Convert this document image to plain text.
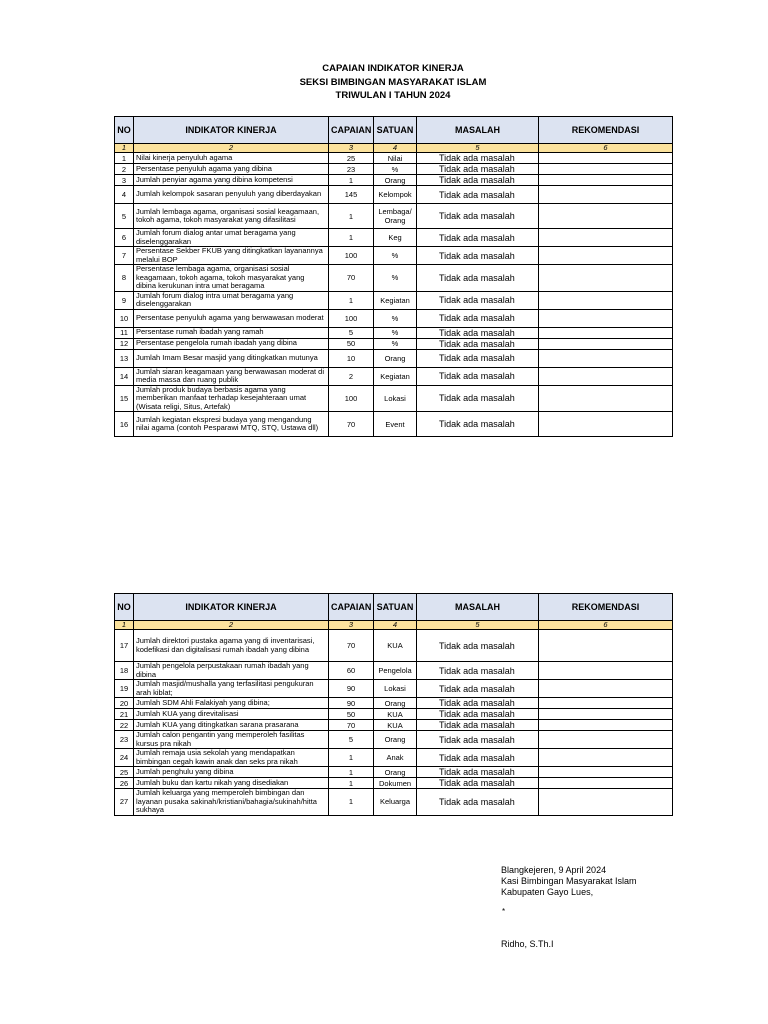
CAPAIAN INDIKATOR KINERJA
SEKSI BIMBINGAN MASYARAKAT ISLAM
TRIWULAN I TAHUN 2024
NO	INDIKATOR KINERJA	CAPAIAN	SATUAN	MASALAH	REKOMENDASI
1	2	3	4	5	6
1	Nilai kinerja penyuluh agama	25	Nilai	Tidak ada masalah	
2	Persentase penyuluh agama yang dibina	23	%	Tidak ada masalah	
3	Jumlah penyiar agama yang dibina kompetensi	1	Orang	Tidak ada masalah	
4	Jumlah kelompok sasaran penyuluh yang diberdayakan	145	Kelompok	Tidak ada masalah	
5	Jumlah lembaga agama, organisasi sosial keagamaan, tokoh agama, tokoh masyarakat yang difasilitasi	1	Lembaga/ Orang	Tidak ada masalah	
6	Jumlah forum dialog antar umat beragama yang diselenggarakan	1	Keg	Tidak ada masalah	
7	Persentase Sekber FKUB yang ditingkatkan layanannya melalui BOP	100	%	Tidak ada masalah	
8	Persentase lembaga agama, organisasi sosial keagamaan, tokoh agama, tokoh masyarakat yang dibina kerukunan intra umat beragama	70	%	Tidak ada masalah	
9	Jumlah forum dialog intra umat beragama yang diselenggarakan	1	Kegiatan	Tidak ada masalah	
10	Persentase penyuluh agama yang berwawasan moderat	100	%	Tidak ada masalah	
11	Persentase rumah ibadah yang ramah	5	%	Tidak ada masalah	
12	Persentase pengelola rumah ibadah yang dibina	50	%	Tidak ada masalah	
13	Jumlah Imam Besar masjid yang ditingkatkan mutunya	10	Orang	Tidak ada masalah	
14	Jumlah siaran keagamaan yang berwawasan moderat di media massa dan ruang publik	2	Kegiatan	Tidak ada masalah	
15	Jumlah produk budaya berbasis agama yang memberikan manfaat terhadap kesejahteraan umat (Wisata religi, Situs, Artefak)	100	Lokasi	Tidak ada masalah	
16	Jumlah kegiatan ekspresi budaya yang mengandung nilai agama (contoh Pesparawi MTQ, STQ, Ustawa dll)	70	Event	Tidak ada masalah	
NO	INDIKATOR KINERJA	CAPAIAN	SATUAN	MASALAH	REKOMENDASI
1	2	3	4	5	6
17	Jumlah direktori pustaka agama yang di inventarisasi, kodefikasi dan digitalisasi rumah ibadah yang dibina	70	KUA	Tidak ada masalah	
18	Jumlah pengelola perpustakaan rumah ibadah yang dibina	60	Pengelola	Tidak ada masalah	
19	Jumlah masjid/mushalla yang terfasilitasi pengukuran arah kiblat;	90	Lokasi	Tidak ada masalah	
20	Jumlah SDM Ahli Falakiyah yang dibina;	90	Orang	Tidak ada masalah	
21	Jumlah KUA yang direvitalisasi	50	KUA	Tidak ada masalah	
22	Jumlah KUA yang ditingkatkan sarana prasarana	70	KUA	Tidak ada masalah	
23	Jumlah calon pengantin yang memperoleh fasilitas kursus pra nikah	5	Orang	Tidak ada masalah	
24	Jumlah remaja usia sekolah yang mendapatkan bimbingan cegah kawin anak dan seks pra nikah	1	Anak	Tidak ada masalah	
25	Jumlah penghulu yang dibina	1	Orang	Tidak ada masalah	
26	Jumlah buku dan kartu nikah yang disediakan	1	Dokumen	Tidak ada masalah	
27	Jumlah keluarga yang memperoleh bimbingan dan layanan pusaka sakinah/kristiani/bahagia/sukinah/hitta sukhaya	1	Keluarga	Tidak ada masalah	
Blangkejeren, 9 April 2024
Kasi Bimbingan Masyarakat Islam
Kabupaten Gayo Lues,
*
Ridho, S.Th.I
